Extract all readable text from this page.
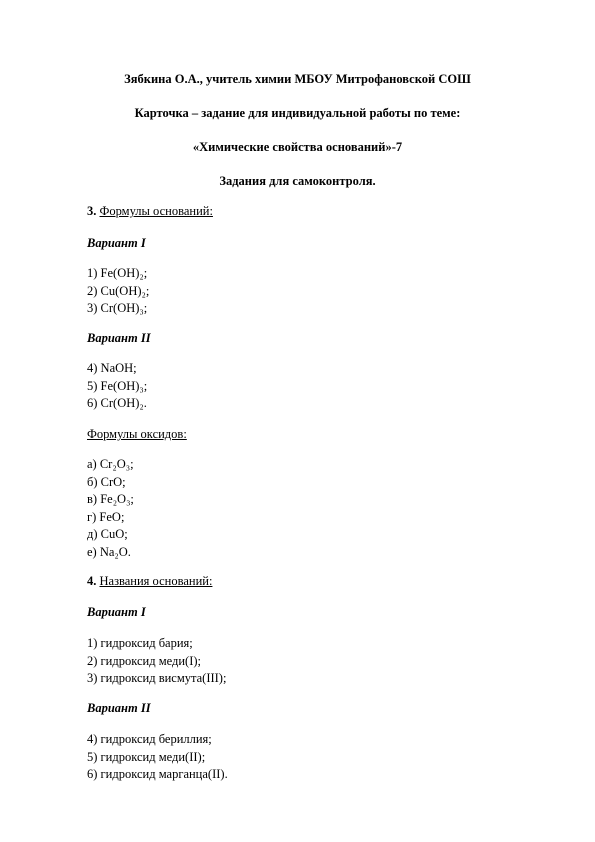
Зябкина О.А., учитель химии МБОУ Митрофановской СОШ
Карточка – задание для индивидуальной работы по теме:
«Химические свойства оснований»-7
Задания для самоконтроля.
3. Формулы оснований:
Вариант I
1) Fe(OH)₂;
2) Cu(OH)₂;
3) Cr(OH)₃;
Вариант II
4) NaOH;
5) Fe(OH)₃;
6) Cr(OH)₂.
Формулы оксидов:
а) Cr₂O₃;
б) CrO;
в) Fe₂O₃;
г) FeO;
д) CuO;
е) Na₂O.
4. Названия оснований:
Вариант I
1) гидроксид бария;
2) гидроксид меди(I);
3) гидроксид висмута(III);
Вариант II
4) гидроксид бериллия;
5) гидроксид меди(II);
6) гидроксид марганца(II).
